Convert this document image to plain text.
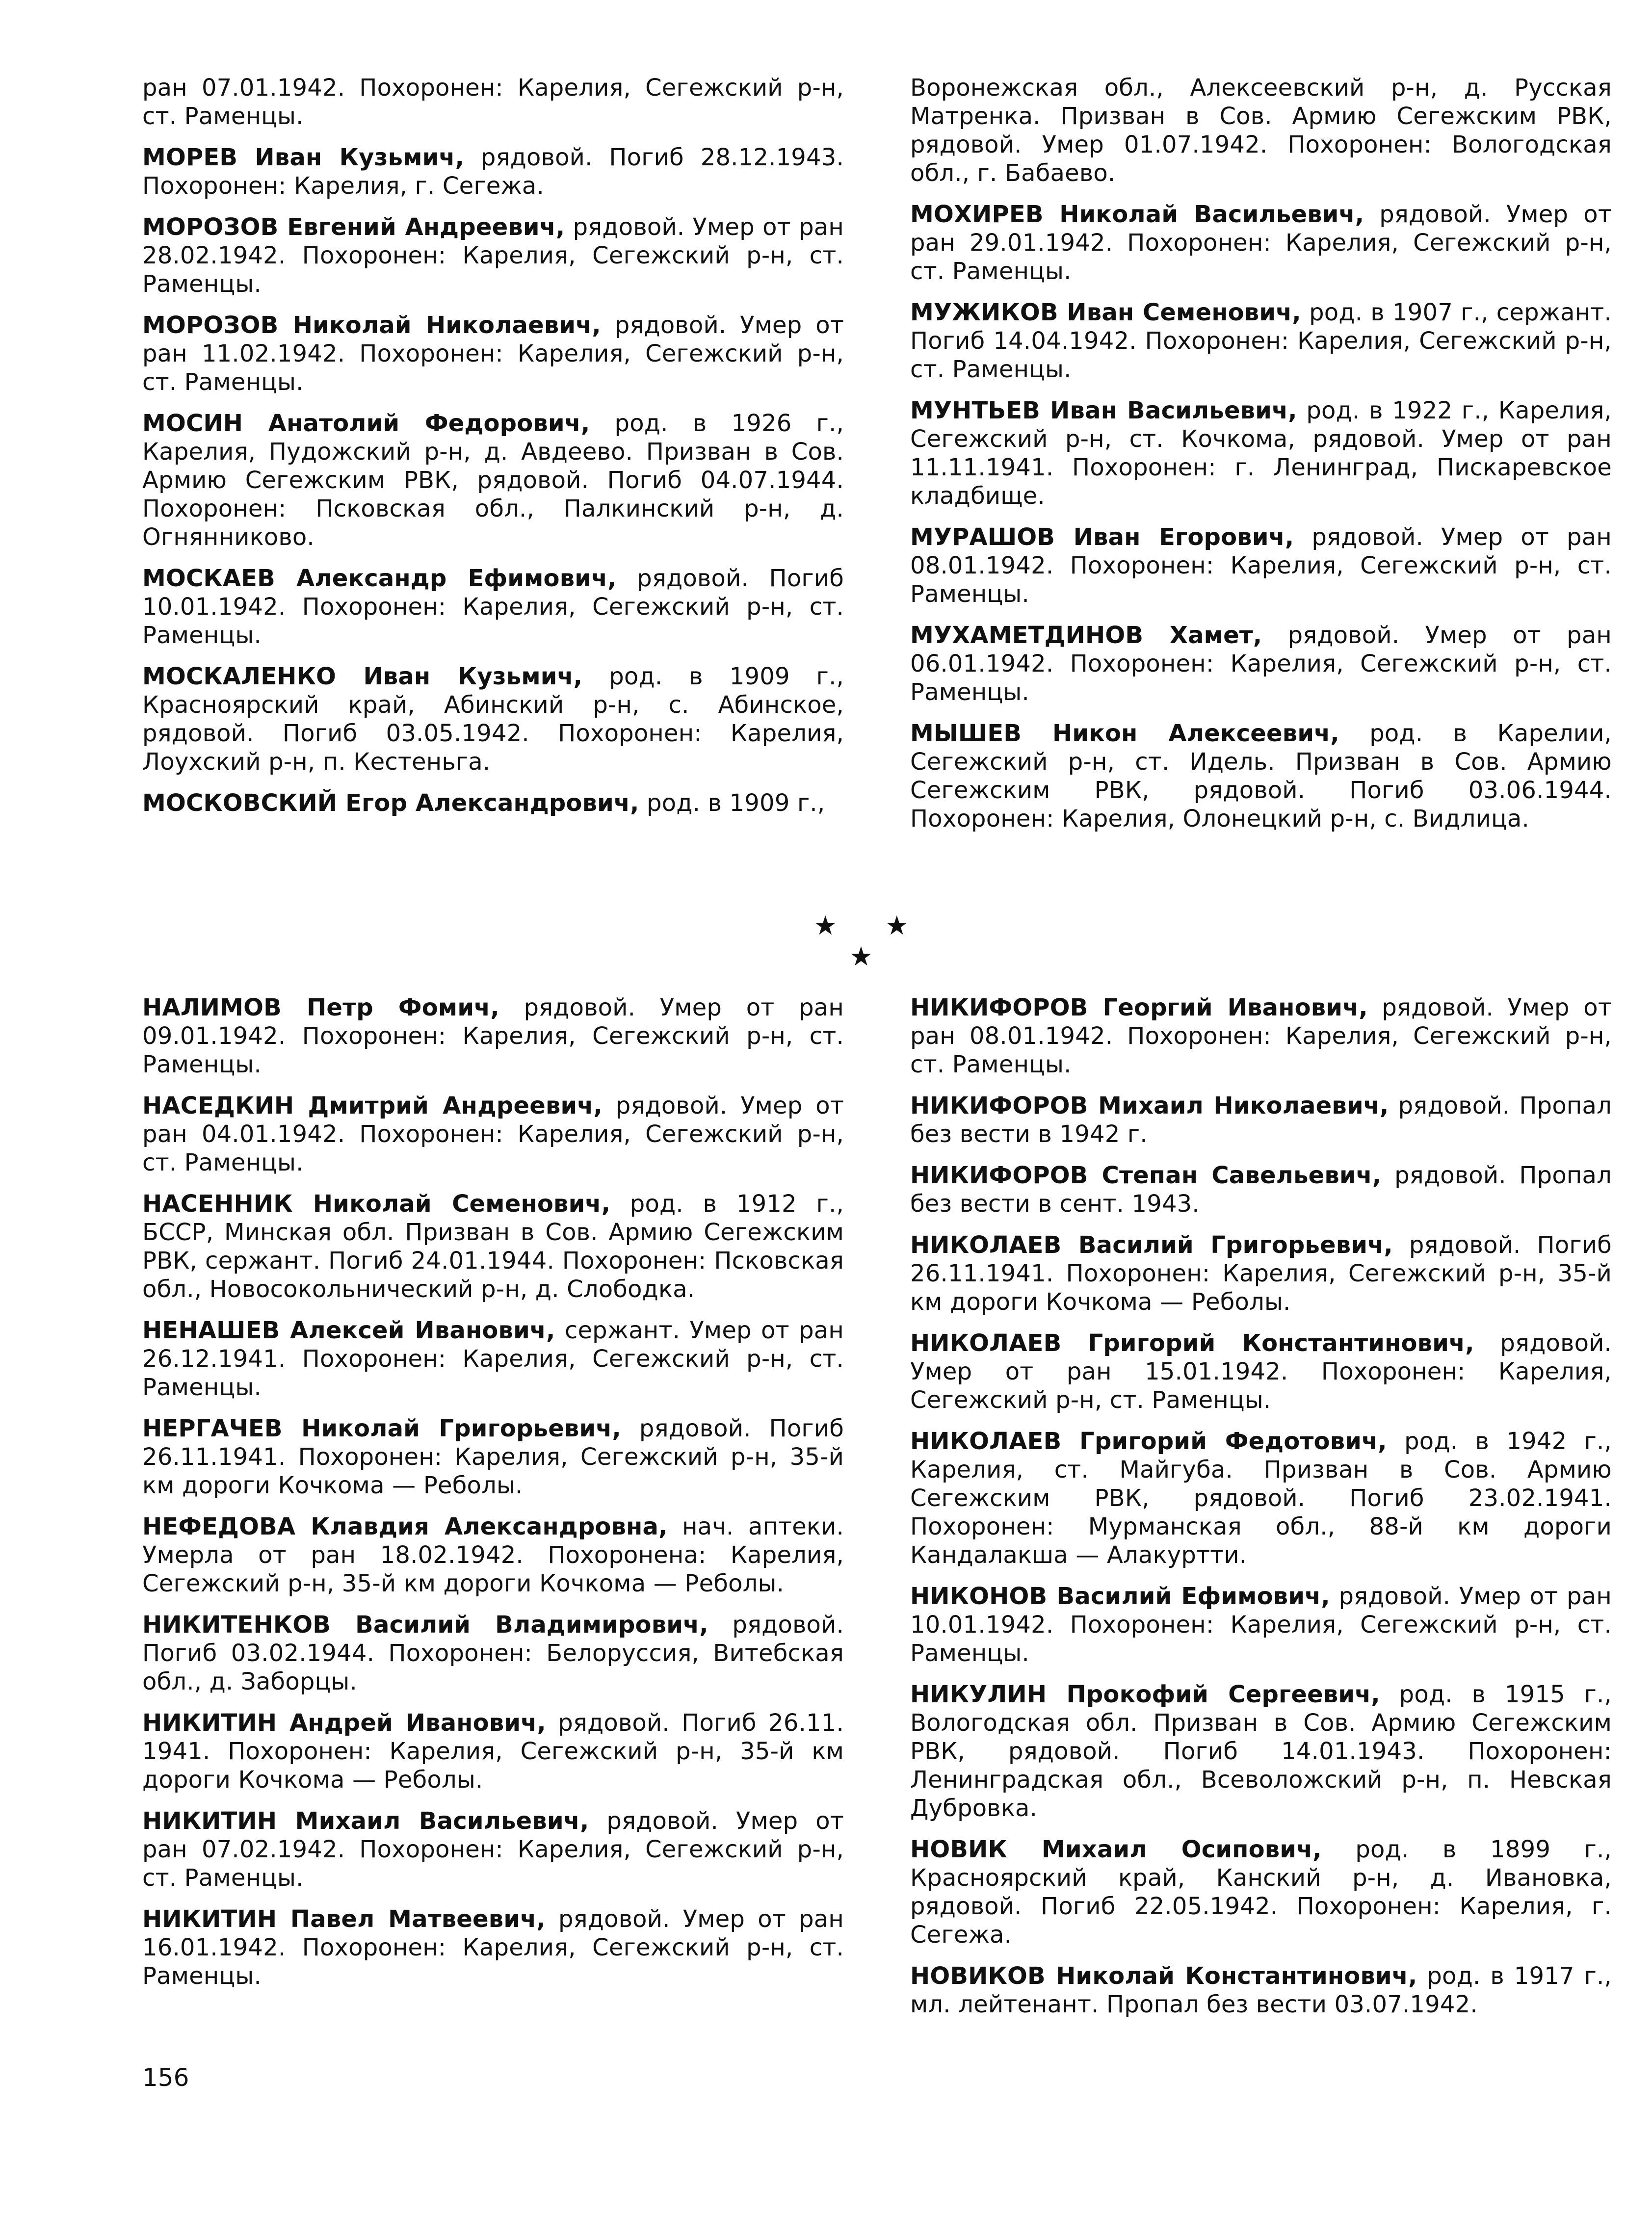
ран 07.01.1942. Похоронен: Карелия, Сегежский р-н, ст. Раменцы.

МОРЕВ Иван Кузьмич, рядовой. Погиб 28.12.1943. Похоронен: Карелия, г. Сегежа.

МОРОЗОВ Евгений Андреевич, рядовой. Умер от ран 28.02.1942. Похоронен: Карелия, Сегежский р-н, ст. Раменцы.

МОРОЗОВ Николай Николаевич, рядовой. Умер от ран 11.02.1942. Похоронен: Карелия, Сегежский р-н, ст. Раменцы.

МОСИН Анатолий Федорович, род. в 1926 г., Карелия, Пудожский р-н, д. Авдеево. Призван в Сов. Армию Сегежским РВК, рядовой. Погиб 04.07.1944. Похоронен: Псковская обл., Палкинский р-н, д. Огнянниково.

МОСКАЕВ Александр Ефимович, рядовой. Погиб 10.01.1942. Похоронен: Карелия, Сегежский р-н, ст. Раменцы.

МОСКАЛЕНКО Иван Кузьмич, род. в 1909 г., Красноярский край, Абинский р-н, с. Абинское, рядовой. Погиб 03.05.1942. Похоронен: Карелия, Лоухский р-н, п. Кестеньга.

МОСКОВСКИЙ Егор Александрович, род. в 1909 г.,

Воронежская обл., Алексеевский р-н, д. Русская Матренка. Призван в Сов. Армию Сегежским РВК, рядовой. Умер 01.07.1942. Похоронен: Вологодская обл., г. Бабаево.

МОХИРЕВ Николай Васильевич, рядовой. Умер от ран 29.01.1942. Похоронен: Карелия, Сегежский р-н, ст. Раменцы.

МУЖИКОВ Иван Семенович, род. в 1907 г., сержант. Погиб 14.04.1942. Похоронен: Карелия, Сегежский р-н, ст. Раменцы.

МУНТЬЕВ Иван Васильевич, род. в 1922 г., Карелия, Сегежский р-н, ст. Кочкома, рядовой. Умер от ран 11.11.1941. Похоронен: г. Ленинград, Пискаревское кладбище.

МУРАШОВ Иван Егорович, рядовой. Умер от ран 08.01.1942. Похоронен: Карелия, Сегежский р-н, ст. Раменцы.

МУХАМЕТДИНОВ Хамет, рядовой. Умер от ран 06.01.1942. Похоронен: Карелия, Сегежский р-н, ст. Раменцы.

МЫШЕВ Никон Алексеевич, род. в Карелии, Сегежский р-н, ст. Идель. Призван в Сов. Армию Сегежским РВК, рядовой. Погиб 03.06.1944. Похоронен: Карелия, Олонецкий р-н, с. Видлица.

★ ★ ★

НАЛИМОВ Петр Фомич, рядовой. Умер от ран 09.01.1942. Похоронен: Карелия, Сегежский р-н, ст. Раменцы.

НАСЕДКИН Дмитрий Андреевич, рядовой. Умер от ран 04.01.1942. Похоронен: Карелия, Сегежский р-н, ст. Раменцы.

НАСЕННИК Николай Семенович, род. в 1912 г., БССР, Минская обл. Призван в Сов. Армию Сегежским РВК, сержант. Погиб 24.01.1944. Похоронен: Псковская обл., Новосокольнический р-н, д. Слободка.

НЕНАШЕВ Алексей Иванович, сержант. Умер от ран 26.12.1941. Похоронен: Карелия, Сегежский р-н, ст. Раменцы.

НЕРГАЧЕВ Николай Григорьевич, рядовой. Погиб 26.11.1941. Похоронен: Карелия, Сегежский р-н, 35-й км дороги Кочкома — Реболы.

НЕФЕДОВА Клавдия Александровна, нач. аптеки. Умерла от ран 18.02.1942. Похоронена: Карелия, Сегежский р-н, 35-й км дороги Кочкома — Реболы.

НИКИТЕНКОВ Василий Владимирович, рядовой. Погиб 03.02.1944. Похоронен: Белоруссия, Витебская обл., д. Заборцы.

НИКИТИН Андрей Иванович, рядовой. Погиб 26.11. 1941. Похоронен: Карелия, Сегежский р-н, 35-й км дороги Кочкома — Реболы.

НИКИТИН Михаил Васильевич, рядовой. Умер от ран 07.02.1942. Похоронен: Карелия, Сегежский р-н, ст. Раменцы.

НИКИТИН Павел Матвеевич, рядовой. Умер от ран 16.01.1942. Похоронен: Карелия, Сегежский р-н, ст. Раменцы.

НИКИФОРОВ Георгий Иванович, рядовой. Умер от ран 08.01.1942. Похоронен: Карелия, Сегежский р-н, ст. Раменцы.

НИКИФОРОВ Михаил Николаевич, рядовой. Пропал без вести в 1942 г.

НИКИФОРОВ Степан Савельевич, рядовой. Пропал без вести в сент. 1943.

НИКОЛАЕВ Василий Григорьевич, рядовой. Погиб 26.11.1941. Похоронен: Карелия, Сегежский р-н, 35-й км дороги Кочкома — Реболы.

НИКОЛАЕВ Григорий Константинович, рядовой. Умер от ран 15.01.1942. Похоронен: Карелия, Сегежский р-н, ст. Раменцы.

НИКОЛАЕВ Григорий Федотович, род. в 1942 г., Карелия, ст. Майгуба. Призван в Сов. Армию Сегежским РВК, рядовой. Погиб 23.02.1941. Похоронен: Мурманская обл., 88-й км дороги Кандалакша — Алакуртти.

НИКОНОВ Василий Ефимович, рядовой. Умер от ран 10.01.1942. Похоронен: Карелия, Сегежский р-н, ст. Раменцы.

НИКУЛИН Прокофий Сергеевич, род. в 1915 г., Вологодская обл. Призван в Сов. Армию Сегежским РВК, рядовой. Погиб 14.01.1943. Похоронен: Ленинградская обл., Всеволожский р-н, п. Невская Дубровка.

НОВИК Михаил Осипович, род. в 1899 г., Красноярский край, Канский р-н, д. Ивановка, рядовой. Погиб 22.05.1942. Похоронен: Карелия, г. Сегежа.

НОВИКОВ Николай Константинович, род. в 1917 г., мл. лейтенант. Пропал без вести 03.07.1942.

156
